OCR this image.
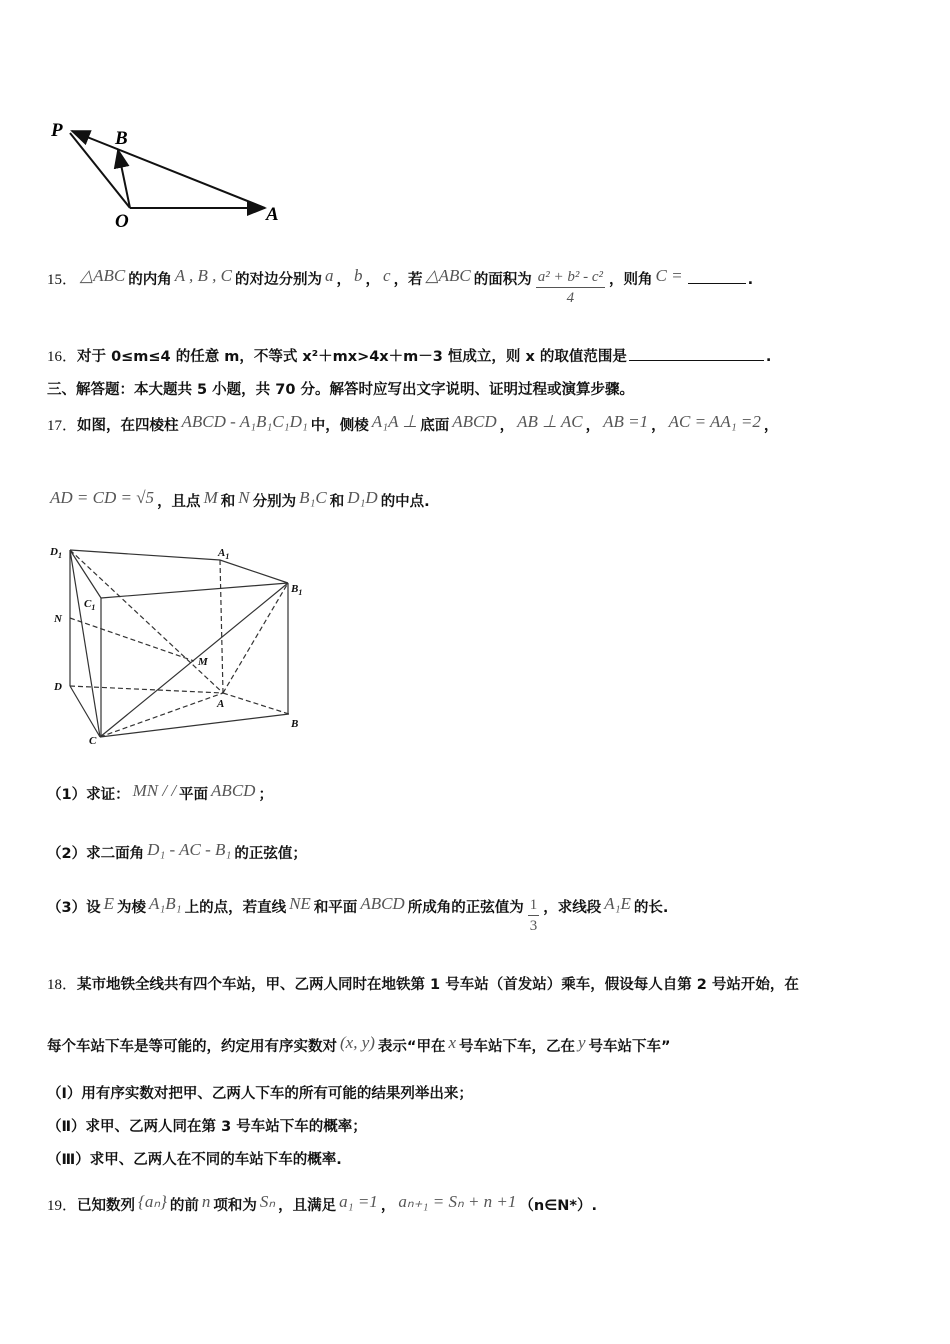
P	B
O	A
$D_1$	$A_1$
$B_1$
$C_1$
N
M
D
A
B
C
15． △ABC 的内角 A , B , C 的对边分别为 a ， b ， c ，若 △ABC 的面积为 $\frac{\text{a² + b² - c²}}{4}$ ，则角 C =	.
16． 对于 0≤m≤4 的任意 m，不等式 x²＋mx>4x＋m－3 恒成立，则 x 的取值范围是	.
三、解答题：本大题共 5 小题，共 70 分。解答时应写出文字说明、证明过程或演算步骤。
17． 如图，在四棱柱 ABCD - A₁B₁C₁D₁ 中，侧棱 A₁A ⊥ 底面 ABCD ， AB ⊥ AC ， AB =1 ， AC = AA₁ =2 ，
AD = CD = √5 ，且点 M 和 N 分别为 B₁C 和 D₁D 的中点.
（1）求证： MN / / 平面 ABCD ；
（2）求二面角 D₁ - AC - B₁ 的正弦值；
（3）设 E 为棱 A₁B₁ 上的点，若直线 NE 和平面 ABCD 所成角的正弦值为 $\frac{1}{3}$ ，求线段 A₁E 的长.
18． 某市地铁全线共有四个车站，甲、乙两人同时在地铁第 1 号车站（首发站）乘车，假设每人自第 2 号站开始，在
每个车站下车是等可能的，约定用有序实数对 (x, y) 表示“甲在 x 号车站下车，乙在 y 号车站下车”
（Ⅰ）用有序实数对把甲、乙两人下车的所有可能的结果列举出来；
（Ⅱ）求甲、乙两人同在第 3 号车站下车的概率；
（Ⅲ）求甲、乙两人在不同的车站下车的概率.
19． 已知数列 {aₙ} 的前 n 项和为 Sₙ ，且满足 a₁ =1 ， aₙ₊₁ = Sₙ + n +1 （n∈N*）.
